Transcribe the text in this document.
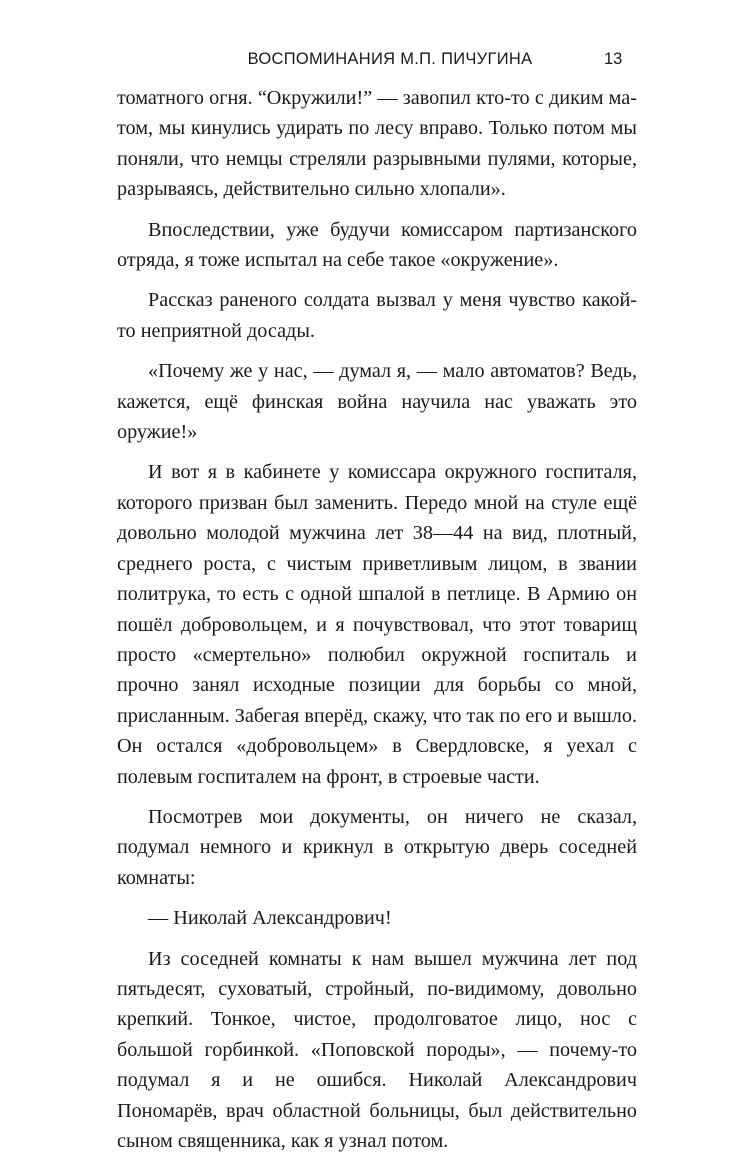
ВОСПОМИНАНИЯ М.П. ПИЧУГИНА	13

томатного огня. “Окружили!” — завопил кто-то с диким матом, мы кинулись удирать по лесу вправо. Только потом мы поняли, что немцы стреляли разрывными пулями, которые, разрываясь, действительно сильно хлопали».

Впоследствии, уже будучи комиссаром партизанского отряда, я тоже испытал на себе такое «окружение».

Рассказ раненого солдата вызвал у меня чувство какой-то неприятной досады.

«Почему же у нас, — думал я, — мало автоматов? Ведь, кажется, ещё финская война научила нас уважать это оружие!»

И вот я в кабинете у комиссара окружного госпиталя, которого призван был заменить. Передо мной на стуле ещё довольно молодой мужчина лет 38—44 на вид, плотный, среднего роста, с чистым приветливым лицом, в звании политрука, то есть с одной шпалой в петлице. В Армию он пошёл добровольцем, и я почувствовал, что этот товарищ просто «смертельно» полюбил окружной госпиталь и прочно занял исходные позиции для борьбы со мной, присланным. Забегая вперёд, скажу, что так по его и вышло. Он остался «добровольцем» в Свердловске, я уехал с полевым госпиталем на фронт, в строевые части.

Посмотрев мои документы, он ничего не сказал, подумал немного и крикнул в открытую дверь соседней комнаты:

— Николай Александрович!

Из соседней комнаты к нам вышел мужчина лет под пятьдесят, суховатый, стройный, по-видимому, довольно крепкий. Тонкое, чистое, продолговатое лицо, нос с большой горбинкой. «Поповской породы», — почему-то подумал я и не ошибся. Николай Александрович Пономарёв, врач областной больницы, был действительно сыном священника, как я узнал потом.
